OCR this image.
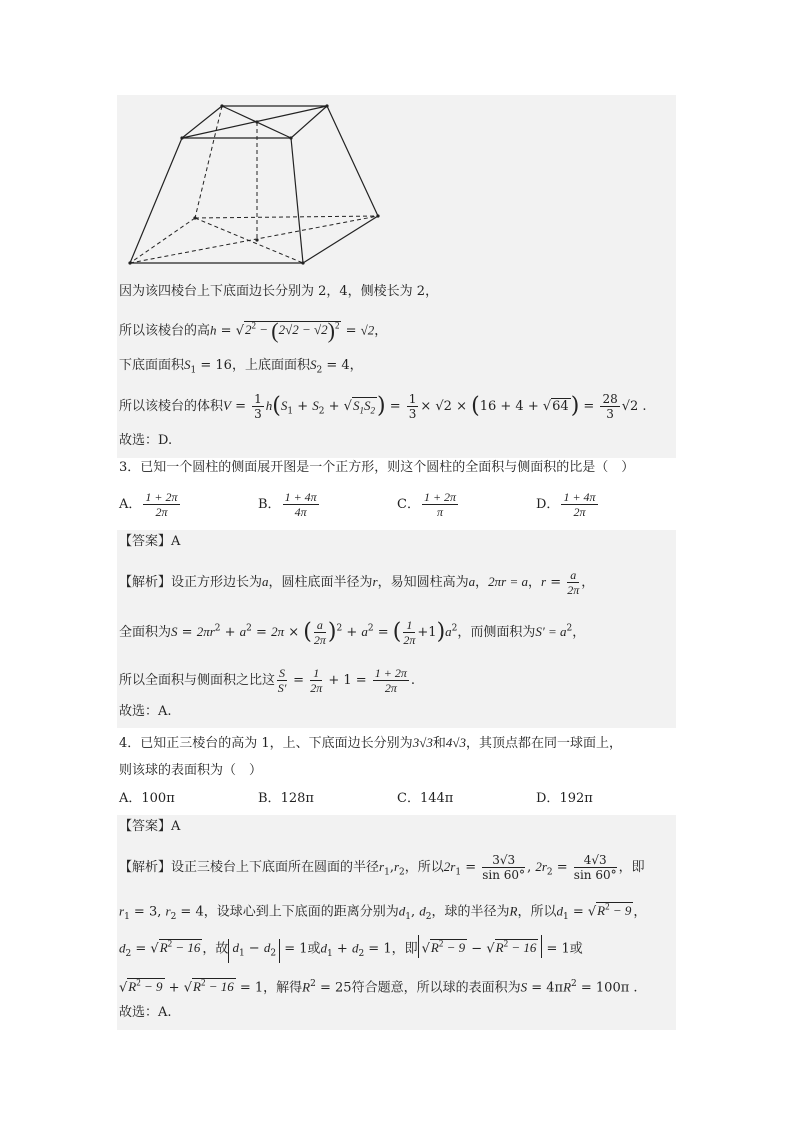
因为该四棱台上下底面边长分别为 2，4，侧棱长为 2，
所以该棱台的高$h = √2^2 - (2√2 - √2)^2 = √2$，
下底面面积$S_1 = 16$，上底面面积$S_2 = 4$，
所以该棱台的体积$V = \frac{1}{3} h(S_1 + S_2 + √S_1S_2) = \frac{1}{3} \times √2 \times (16 + 4 + √64) = \frac{28}{3} √2$ .
故选：D.
3．已知一个圆柱的侧面展开图是一个正方形，则这个圆柱的全面积与侧面积的比是（　）
A． $\frac{1 + 2\pi}{2\pi}$	B． $\frac{1 + 4\pi}{4\pi}$	C． $\frac{1 + 2\pi}{\pi}$	D． $\frac{1 + 4\pi}{2\pi}$
【答案】A
【解析】设正方形边长为a，圆柱底面半径为r，易知圆柱高为a，2πr = a，$r = \frac{a}{2\pi}$ ，
全面积为$S = 2\pi r^2 + a^2 = 2\pi$ × ( $\frac{a}{2\pi} )^2 + a^2$ = ( $\frac{1}{2\pi} +1)a^2$，而侧面积为$S' = a^2$，
所以全面积与侧面积之比这 $\frac{S}{S'} = \frac{1}{2\pi} + 1 = \frac{1 + 2\pi}{2\pi}$ .
故选：A.
4．已知正三棱台的高为 1，上、下底面边长分别为3√3和4√3，其顶点都在同一球面上，
则该球的表面积为（　）
A．100π	B．128π	C．144π	D．192π
【答案】A
【解析】设正三棱台上下底面所在圆面的半径$r_1,r_2$，所以$2r_1 = \frac{3√3}{\sin 60^\circ}$ , $2r_2 = \frac{4√3}{\sin 60^\circ}$ ，即
$r_1 = 3$, $r_2 = 4$，设球心到上下底面的距离分别为$d_1$, $d_2$，球的半径为R，所以$d_1 = √R^2 - 9$ ，
$d_2 = √R^2 - 16$ ，故 $d_1 - d_2 = 1$或$d_1 + d_2 = 1$，即 $√R^2 - 9 - √R^2 - 16 = 1$或
$√R^2 - 9 + √R^2 - 16 = 1$，解得$R^2 = 25$符合题意，所以球的表面积为$S = 4\pi R^2 = 100\pi$ .
故选：A.
